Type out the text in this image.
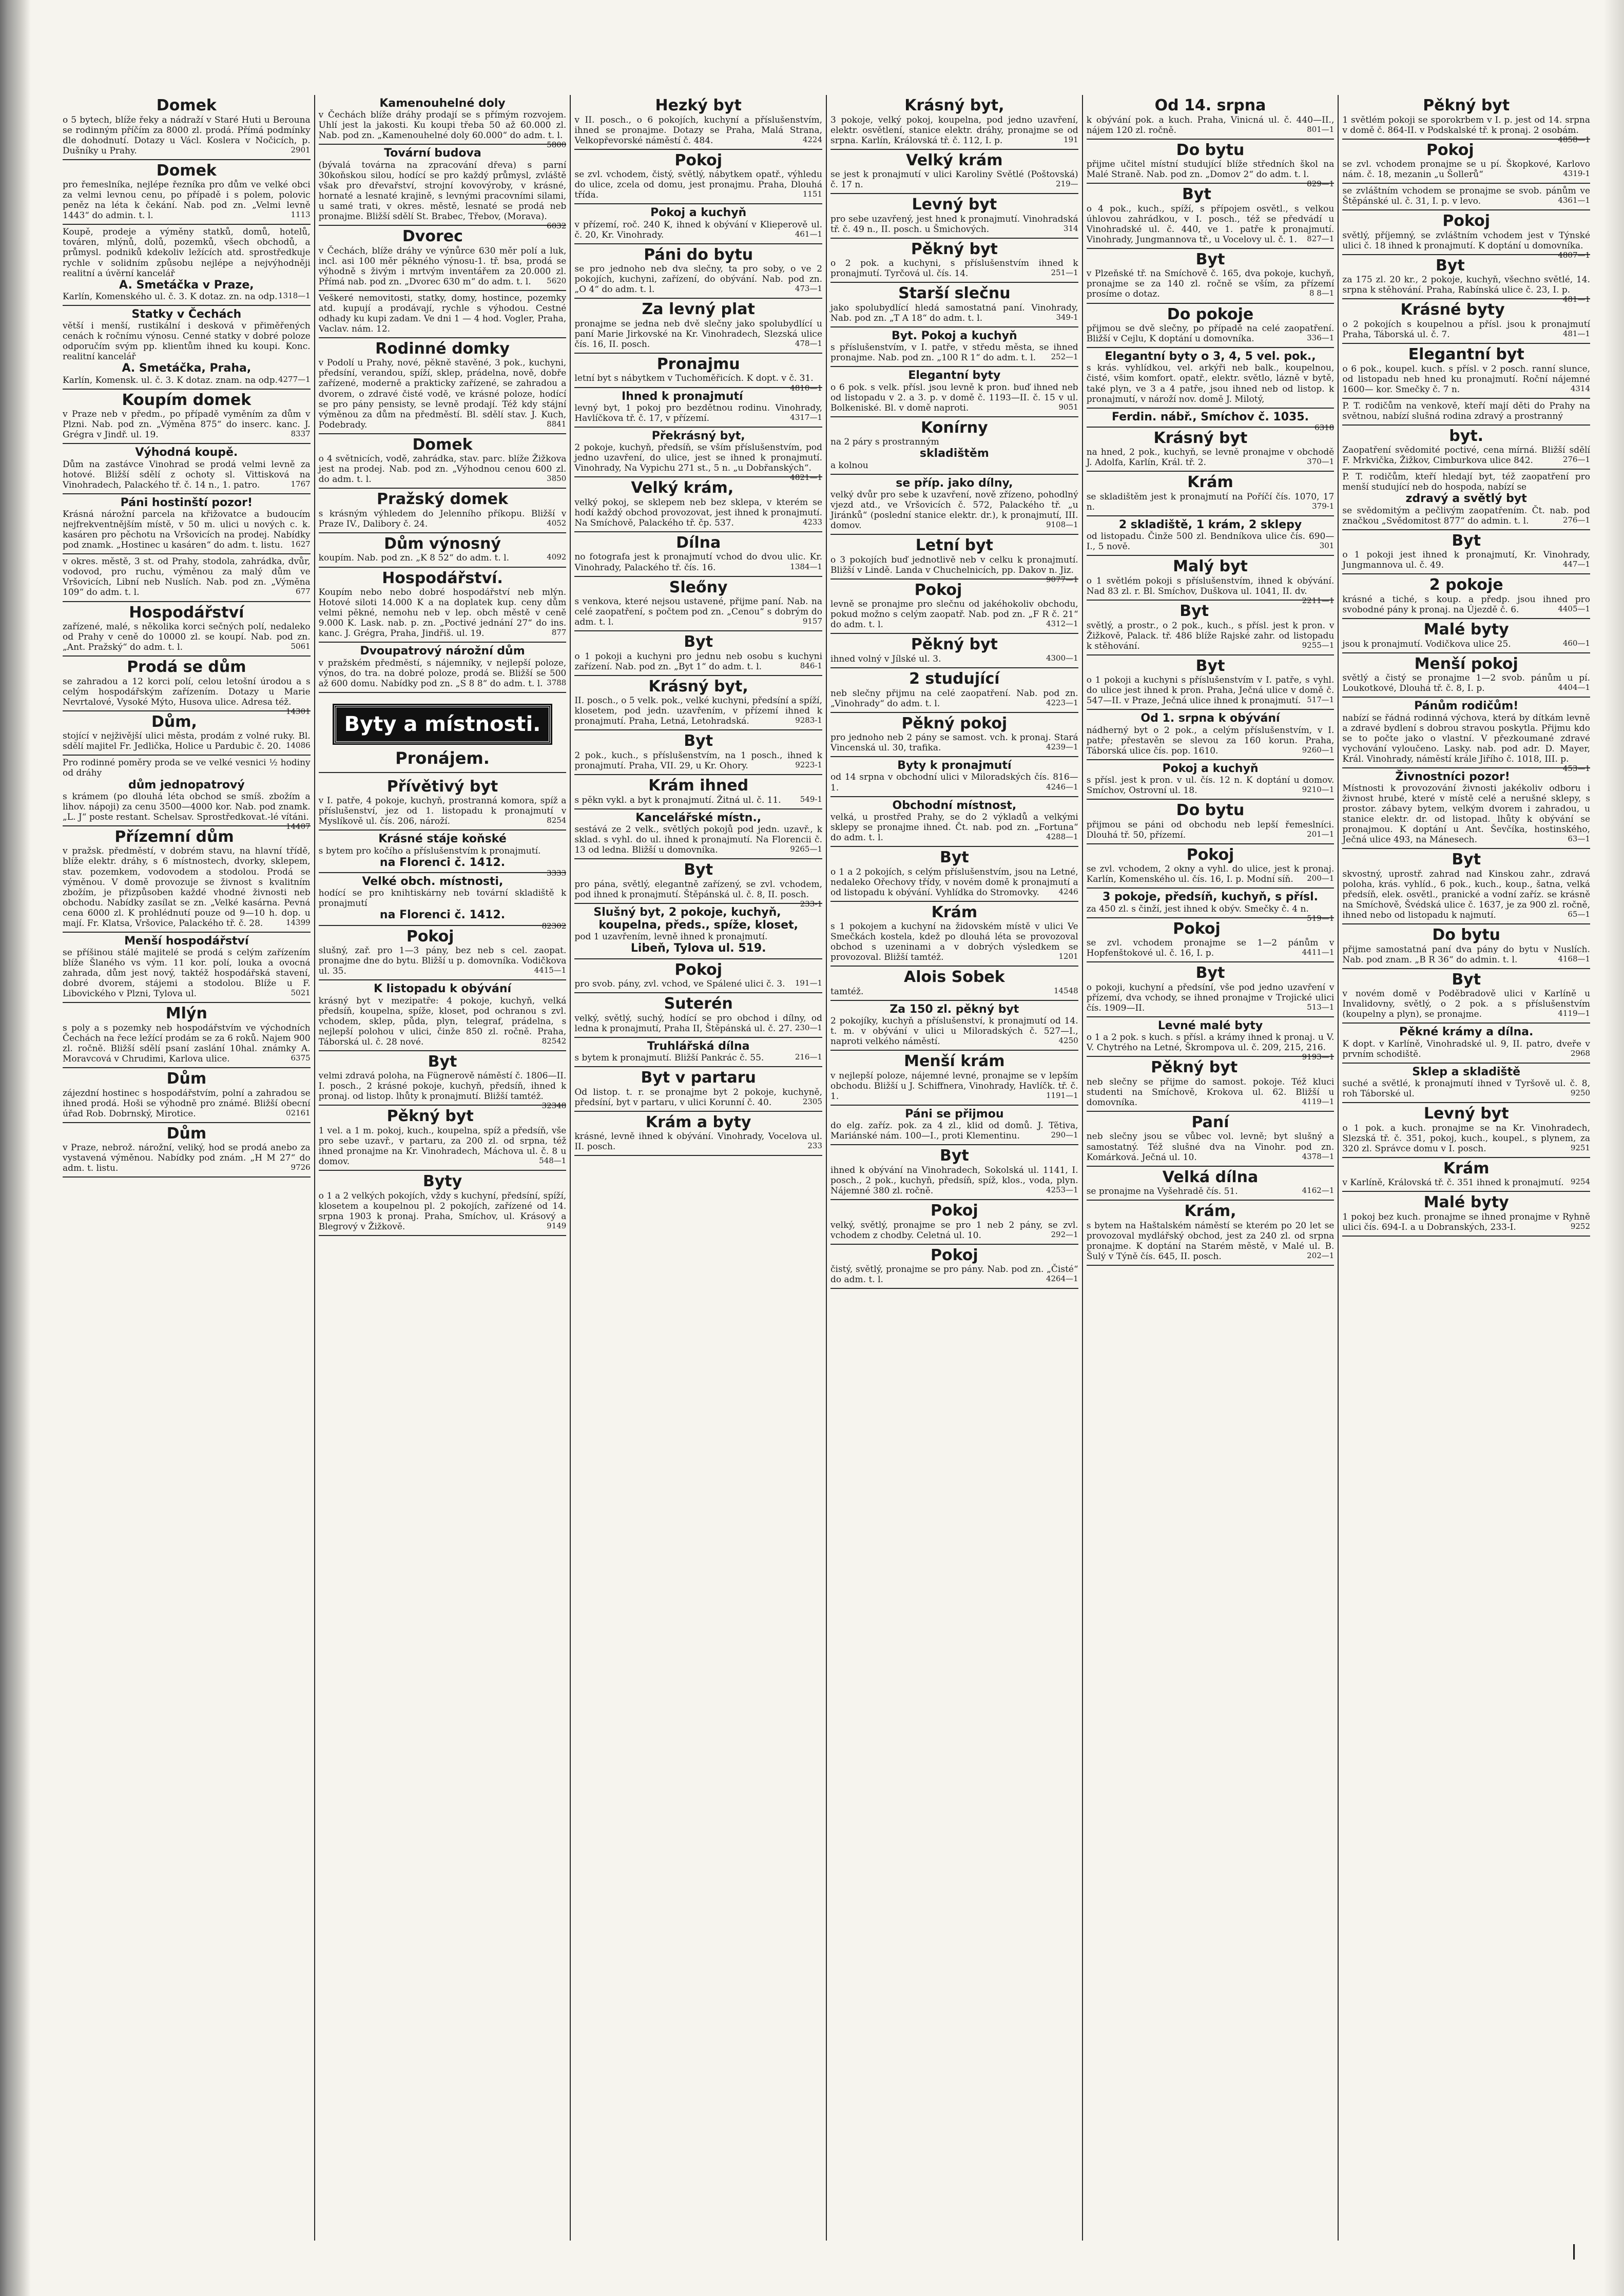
Domek
o 5 bytech, blíže řeky a nádraží v Staré Huti u Berouna se rodinným příčím za 8000 zl. prodá. Přímá podmínky dle dohodnutí. Dotazy u Václ. Koslera v Nočicích, p. Dušníky u Prahy.	2901
Domek
pro řemeslníka, nejlépe řezníka pro dům ve velké obci za velmi levnou cenu, po případě i s polem, polovic peněz na léta k čekání. Nab. pod zn. „Velmi levně 1443“ do admin. t. l.	1113
Koupě, prodeje a výměny statků, domů, hotelů, továren, mlýnů, dolů, pozemků, všech obchodů, a průmysl. podniků kdekoliv ležících atd. sprostředkuje rychle v solidním způsobu nejlépe a nejvýhodněji realitní a úvěrní kancelář
A. Smetáčka v Praze,
Karlín, Komenského ul. č. 3. K dotaz. zn. na odp. 1318—1
Statky v Čechách
větší i menší, rustikální i desková v přiměřených cenách k ročnímu výnosu. Cenné statky v dobré poloze odporučím svým pp. klientům ihned ku koupi. Konc. realitní kancelář
A. Smetáčka, Praha,
Karlín, Komensk. ul. č. 3. K dotaz. znam. na odp. 4277—1
Koupím domek
v Praze neb v předm., po případě vyměním za dům v Plzni. Nab. pod zn. „Výměna 875“ do inserc. kanc. J. Grégra v Jindř. ul. 19.	8337
Výhodná koupě.
Dům na zastávce Vinohrad se prodá velmi levně za hotové. Bližší sdělí z ochoty sl. Vittisková na Vinohradech, Palackého tř. č. 14 n., 1. patro.	1767
Páni hostinští pozor!
Krásná nárožní parcela na křižovatce a budoucím nejfrekventnějším místě, v 50 m. ulici u nových c. k. kasáren pro pěchotu na Vršovicích na prodej. Nabídky pod znamk. „Hostinec u kasáren“ do adm. t. listu. 1627
v okres. městě, 3 st. od Prahy, stodola, zahrádka, dvůr, vodovod, pro ruchu, výměnou za malý dům ve Vršovicích, Libní neb Nuslích. Nab. pod zn. „Výměna 109“ do adm. t. l.	677
Hospodářství
zařízené, malé, s několika korci sečných polí, nedaleko od Prahy v ceně do 10000 zl. se koupí. Nab. pod zn. „Ant. Pražský“ do adm. t. l.	5061
Prodá se dům
se zahradou a 12 korci polí, celou letošní úrodou a s celým hospodářským zařízením. Dotazy u Marie Nevrtalové, Vysoké Mýto, Husova ulice. Adresa též.
14301
Dům,
stojící v nejživější ulici města, prodám z volné ruky. Bl. sdělí majitel Fr. Jedlička, Holice u Pardubic č. 20. 14086
Pro rodinné poměry proda se ve velké vesnici ½ hodiny od dráhy
dům jednopatrový
s krámem (po dlouhá léta obchod se smíš. zbožím a lihov. nápoji) za cenu 3500—4000 kor. Nab. pod znamk. „L. J“ poste restant. Schelsav. Sprostředkovat.-lé vítáni.
14407
Přízemní dům
v pražsk. předměstí, v dobrém stavu, na hlavní třídě, blíže elektr. dráhy, s 6 místnostech, dvorky, sklepem, stav. pozemkem, vodovodem a stodolou. Prodá se výměnou. V domě provozuje se živnost s kvalitním zbožím, je přizpůsoben každé vhodné živnosti neb obchodu. Nabídky zasílat se zn. „Velké kasárna. Pevná cena 6000 zl. K prohlédnutí pouze od 9—10 h. dop. u mají. Fr. Klatsa, Vršovice, Palackého tř. č. 28.	14399
Menší hospodářství
se příšinou stálé majitelé se prodá s celým zařízením blíže Šlaného vs vým. 11 kor. polí, louka a ovocná zahrada, dům jest nový, taktéž hospodářská stavení, dobré dvorem, stájemi a stodolou. Blíže u F. Libovického v Plzni, Tylova ul.	5021
Mlýn
s poly a s pozemky neb hospodářstvím ve východních Čechách na řece ležící prodám se za 6 roků. Najem 900 zl. ročně. Bližší sdělí psaní zaslání 10hal. známky A. Moravcová v Chrudimi, Karlova ulice.	6375
Dům
zájezdní hostinec s hospodářstvím, polní a zahradou se ihned prodá. Hoši se výhodně pro známé. Bližší obecní úřad Rob. Dobrnský, Mirotice.	02161
Dům
v Praze, nebrož. nárožní, veliký, hod se prodá anebo za vystavená výměnou. Nabídky pod znám. „H M 27“ do adm. t. listu.	9726
Kamenouhelné doly
v Čechách blíže dráhy prodají se s přímým rozvojem. Uhlí jest la jakosti. Ku koupi třeba 50 až 60.000 zl. Nab. pod zn. „Kamenouhelné doly 60.000“ do adm. t. l.
5800
Tovární budova
(bývalá továrna na zpracování dřeva) s parní 30koňskou silou, hodící se pro každý průmysl, zvláště však pro dřevařství, strojní kovovýroby, v krásné, hornaté a lesnaté krajině, s levnými pracovními silami, u samé trati, v okres. městě, lesnaté se prodá neb pronajme. Bližší sdělí St. Brabec, Třebov, (Morava).
6032
Dvorec
v Čechách, blíže dráhy ve výnůrce 630 měr polí a luk, incl. asi 100 měr pěkného výnosu-1. tř. bsa, prodá se výhodně s živým i mrtvým inventářem za 20.000 zl. Přímá nab. pod zn. „Dvorec 630 m“ do adm. t. l. 5620
Veškeré nemovitosti, statky, domy, hostince, pozemky atd. kupují a prodávají, rychle s výhodou. Cestné odhady ku kupi zadam. Ve dni 1 — 4 hod. Vogler, Praha, Vaclav. nám. 12.
Rodinné domky
v Podolí u Prahy, nové, pěkně stavěné, 3 pok., kuchyni, předsíní, verandou, spíží, sklep, prádelna, nově, dobře zařízené, moderně a prakticky zařízené, se zahradou a dvorem, o zdravé čisté vodě, ve krásné poloze, hodící se pro pány pensisty, se levně prodají. Též kdy stájní výměnou za dům na předměstí. Bl. sdělí stav. J. Kuch, Podebrady.	8841
Domek
o 4 světnicích, vodě, zahrádka, stav. parc. blíže Žižkova jest na prodej. Nab. pod zn. „Výhodnou cenou 600 zl. do adm. t. l.	3850
Pražský domek
s krásným výhledem do Jelenního příkopu. Bližší v Praze IV., Dalibory č. 24.	4052
Dům výnosný
koupím. Nab. pod zn. „K 8 52“ do adm. t. l.	4092
Hospodářství.
Koupím nebo nebo dobré hospodářství neb mlýn. Hotové siloti 14.000 K a na doplatek kup. ceny dům velmi pěkné, nemohu neb v lep. obch městě v ceně 9.000 K. Lask. nab. p. zn. „Poctivé jednání 27“ do ins. kanc. J. Grégra, Praha, Jindřiš. ul. 19.	877
Dvoupatrový nárožní dům
v pražském předměstí, s nájemníky, v nejlepší poloze, výnos, do tra. na dobré poloze, prodá se. Bližší se 500 až 600 domu. Nabídky pod zn. „S 8 8“ do adm. t. l. 3788
Byty a místnosti.
Pronájem.
Přívětivý byt
v I. patře, 4 pokoje, kuchyň, prostranná komora, spíž a příslušenství, jez od 1. listopadu k pronajmutí v Myslíkově ul. čís. 206, nároží.	8254
Krásné stáje koňské
s bytem pro kočího a příslušenstvím k pronajmutí.
na Florenci č. 1412.
3333
Velké obch. místnosti,
hodící se pro knihtiskárny neb tovární skladiště k pronajmutí
na Florenci č. 1412.
82302
Pokoj
slušný, zař. pro 1—3 pány, bez neb s cel. zaopat. pronajme dne do bytu. Bližší u p. domovníka. Vodičkova ul. 35.	4415—1
K listopadu k obývání
krásný byt v mezipatře: 4 pokoje, kuchyň, velká předsíň, koupelna, spíže, kloset, pod ochranou s zvl. vchodem, sklep, půda, plyn, telegraf, prádelna, s nejlepší polohou v ulici, činže 850 zl. ročně. Praha, Táborská ul. č. 28 nové.	82542
Byt
velmi zdravá poloha, na Fügnerově náměstí č. 1806—II. I. posch., 2 krásné pokoje, kuchyň, předsíň, ihned k pronaj. od listop. lhůty k pronajmutí. Bližší tamtéž.
32348
Pěkný byt
1 vel. a 1 m. pokoj, kuch., koupelna, spíž a předsíň, vše pro sebe uzavř., v partaru, za 200 zl. od srpna, též ihned pronajme na Kr. Vinohradech, Máchova ul. č. 8 u domov.	548—1
Byty
o 1 a 2 velkých pokojích, vždy s kuchyní, předsíní, spíží, klosetem a koupelnou pl. 2 pokojích, zařízené od 14. srpna 1903 k pronaj. Praha, Smíchov, ul. Krásový a Blegrový v Žižkově.	9149
Hezký byt
v II. posch., o 6 pokojích, kuchyní a příslušenstvím, ihned se pronajme. Dotazy se Praha, Malá Strana, Velkopřevorské náměstí č. 484.	4224
Pokoj
se zvl. vchodem, čistý, světlý, nábytkem opatř., výhledu do ulice, zcela od domu, jest pronajmu. Praha, Dlouhá třída.	1151
Pokoj a kuchyň
v přízemí, roč. 240 K, ihned k obývání v Klieperově ul. č. 20, Kr. Vinohrady.	461—1
Páni do bytu
se pro jednoho neb dva slečny, ta pro soby, o ve 2 pokojích, kuchyni, zařízení, do obývání. Nab. pod zn. „O 4“ do adm. t. l.	473—1
Za levný plat
pronajme se jedna neb dvě slečny jako spolubydlící u paní Marie Jirkovské na Kr. Vinohradech, Slezská ulice čís. 16, II. posch.	478—1
Pronajmu
letní byt s nábytkem v Tuchoměřicích. K dopt. v č. 31.
4810—1
Ihned k pronajmutí
levný byt, 1 pokoj pro bezdětnou rodinu. Vinohrady, Havlíčkova tř. č. 17, v přízemí.	4317—1
Překrásný byt,
2 pokoje, kuchyň, předsíň, se vším příslušenstvím, pod jedno uzavření, do ulice, jest se ihned k pronajmutí. Vinohrady, Na Vypichu 271 st., 5 n. „u Dobřanských“.
4821—1
Velký krám,
velký pokoj, se sklepem neb bez sklepa, v kterém se hodí každý obchod provozovat, jest ihned k pronajmutí. Na Smíchově, Palackého tř. čp. 537.	4233
Dílna
no fotografa jest k pronajmutí vchod do dvou ulic. Kr. Vinohrady, Palackého tř. čís. 16.	1384—1
Sleőny
s venkova, které nejsou ustavené, přijme paní. Nab. na celé zaopatření, s počtem pod zn. „Cenou“ s dobrým do adm. t. l.	9157
Byt
o 1 pokoji a kuchyni pro jednu neb osobu s kuchyni zařízení. Nab. pod zn. „Byt 1“ do adm. t. l.	846-1
Krásný byt,
II. posch., o 5 velk. pok., velké kuchyni, předsíní a spíží, klosetem, pod jedn. uzavřením, v přízemí ihned k pronajmutí. Praha, Letná, Letohradská.	9283-1
Byt
2 pok., kuch., s příslušenstvím, na 1 posch., ihned k pronajmutí. Praha, VII. 29, u Kr. Ohory.	9223-1
Krám ihned
s pěkn vykl. a byt k pronajmutí. Žitná ul. č. 11. 549-1
Kancelářské místn.,
sestává ze 2 velk., světlých pokojů pod jedn. uzavř., k sklad. s vyhl. do ul. ihned k pronajmutí. Na Florencii č. 13 od ledna. Bližší u domovníka.	9265—1
Byt
pro pána, světlý, elegantně zařízený, se zvl. vchodem, pod ihned k pronajmutí. Štěpánská ul. č. 8, II. posch.
233-1
Slušný byt, 2 pokoje, kuchyň, koupelna, předs., spíže, kloset,
pod 1 uzavřením, levně ihned k pronajmutí.
Libeň, Tylova ul. 519.
Pokoj
pro svob. pány, zvl. vchod, ve Spálené ulici č. 3. 191—1
Suterén
velký, světlý, suchý, hodící se pro obchod i dílny, od ledna k pronajmutí, Praha II, Štěpánská ul. č. 27. 230—1
Truhlářská dílna
s bytem k pronajmutí. Bližší Pankrác č. 55.	216—1
Byt v partaru
Od listop. t. r. se pronajme byt 2 pokoje, kuchyně, předsíní, byt v partaru, v ulici Korunní č. 40.	2305
Krám a byty
krásné, levně ihned k obývání. Vinohrady, Vocelova ul. II. posch.	233
Krásný byt,
3 pokoje, velký pokoj, koupelna, pod jedno uzavření, elektr. osvětlení, stanice elektr. dráhy, pronajme se od srpna. Karlín, Královská tř. č. 112, I. p.	191
Velký krám
se jest k pronajmutí v ulici Karoliny Světlé (Poštovská) č. 17 n.	219—
Levný byt
pro sebe uzavřený, jest hned k pronajmutí. Vinohradská tř. č. 49 n., II. posch. u Šmichových.	314
Pěkný byt
o 2 pok. a kuchyni, s příslušenstvím ihned k pronajmutí. Tyrčová ul. čís. 14.	251—1
Starší slečnu
jako spolubydlící hledá samostatná paní. Vinohrady, Nab. pod zn. „T A 18“ do adm. t. l.	349-1
Byt. Pokoj a kuchyň
s příslušenstvím, v I. patře, v středu města, se ihned pronajme. Nab. pod zn. „100 R 1“ do adm. t. l. 252—1
Elegantní byty
o 6 pok. s velk. přísl. jsou levně k pron. buď ihned neb od listopadu v 2. a 3. p. v domě č. 1193—II. č. 15 v ul. Bolkeniské. Bl. v domě naproti.	9051
Konírny
na 2 páry s prostranným
skladištěm
a kolnou
se příp. jako dílny,
velký dvůr pro sebe k uzavření, nově zřízeno, pohodlný vjezd atd., ve Vršovicích č. 572, Palackého tř. „u Jiránků“ (poslední stanice elektr. dr.), k pronajmutí, III. domov.	9108—1
Letní byt
o 3 pokojích buď jednotlivě neb v celku k pronajmutí. Bližší v Lindě. Landa v Chuchelnicích, pp. Dakov n. Jiz.
9077—1
Pokoj
levně se pronajme pro slečnu od jakéhokoliv obchodu, pokud možno s celým zaopatř. Nab. pod zn. „F R č. 21“ do adm. t. l.	4312—1
Pěkný byt
ihned volný v Jílské ul. 3.	4300—1
2 studující
neb slečny přijmu na celé zaopatření. Nab. pod zn. „Vinohrady“ do adm. t. l.	4223—1
Pěkný pokoj
pro jednoho neb 2 pány se samost. vch. k pronaj. Stará Vincenská ul. 30, trafika.	4239—1
Byty k pronajmutí
od 14 srpna v obchodní ulici v Miloradských čís. 816—1.	4246—1
Obchodní místnost,
velká, u prostřed Prahy, se do 2 výkladů a velkými sklepy se pronajme ihned. Čt. nab. pod zn. „Fortuna“ do adm. t. l.	4288—1
Byt
o 1 a 2 pokojích, s celým příslušenstvím, jsou na Letné, nedaleko Ořechovy třídy, v novém domě k pronajmutí a od listopadu k obývání. Vyhlídka do Stromovky.	4246
Krám
s 1 pokojem a kuchyní na židovském místě v ulici Ve Smečkách kostela, kdež po dlouhá léta se provozoval obchod s uzeninami a v dobrých výsledkem se provozoval. Bližší tamtéž.	1201
Alois Sobek
tamtéž.	14548
Za 150 zl. pěkný byt
2 pokojíky, kuchyň a příslušenství, k pronajmutí od 14. t. m. v obývání v ulici u Miloradských č. 527—I., naproti velkého náměstí.	4250
Menší krám
v nejlepší poloze, nájemné levné, pronajme se v lepším obchodu. Bližší u J. Schiffnera, Vinohrady, Havlíčk. tř. č. 1.	1191—1
Páni se přijmou
do elg. zaříz. pok. za 4 zl., klid od domů. J. Tětiva, Mariánské nám. 100—I., proti Klementinu.	290—1
Byt
ihned k obývání na Vinohradech, Sokolská ul. 1141, I. posch., 2 pok., kuchyň, předsíň, spíž, klos., voda, plyn. Nájemné 380 zl. ročně.	4253—1
Pokoj
velký, světlý, pronajme se pro 1 neb 2 pány, se zvl. vchodem z chodby. Celetná ul. 10.	292—1
Pokoj
čistý, světlý, pronajme se pro pány. Nab. pod zn. „Čisté“ do adm. t. l.	4264—1
Od 14. srpna
k obývání pok. a kuch. Praha, Vinicná ul. č. 440—II., nájem 120 zl. ročně.	801—1
Do bytu
přijme učitel místní studující blíže středních škol na Malé Straně. Nab. pod zn. „Domov 2“ do adm. t. l.
829—1
Byt
o 4 pok., kuch., spíží, s přípojem osvětl., s velkou úhlovou zahrádkou, v I. posch., též se předvádí u Vinohradské ul. č. 440, ve 1. patře k pronajmutí. Vinohrady, Jungmannova tř., u Vocelovy ul. č. 1. 827—1
Byt
v Plzeňské tř. na Smíchově č. 165, dva pokoje, kuchyň, pronajme se za 140 zl. ročně se vším, za přízemí prosíme o dotaz.	8 8—1
Do pokoje
přijmou se dvě slečny, po případě na celé zaopatření. Bližší v Cejlu, K doptání u domovníka.	336—1
Elegantní byty o 3, 4, 5 vel. pok.,
s krás. vyhlídkou, vel. arkýři neb balk., koupelnou, čisté, všim komfort. opatř., elektr. světlo, lázně v bytě, také plyn, ve 3 a 4 patře, jsou ihned neb od listop. k pronajmutí, v nároží nov. domě J. Milotý,
Ferdin. nábř., Smíchov č. 1035.
6318
Krásný byt
na hned, 2 pok., kuchyň, se levně pronajme v obchodě J. Adolfa, Karlín, Král. tř. 2.	370—1
Krám
se skladištěm jest k pronajmutí na Poříčí čís. 1070, 17 n.	379-1
2 skladiště, 1 krám, 2 sklepy
od listopadu. Činže 500 zl. Bendníkova ulice čís. 690—I., 5 nově.	301
Malý byt
o 1 světlém pokoji s příslušenstvím, ihned k obývání. Nad 83 zl. r. Bl. Smíchov, Duškova ul. 1041, II. dv.
2211—1
Byt
světlý, a prostr., o 2 pok., kuch., s přísl. jest k pron. v Žižkově, Palack. tř. 486 blíže Rajské zahr. od listopadu k stěhování.	9255—1
Byt
o 1 pokoji a kuchyni s příslušenstvím v I. patře, s vyhl. do ulice jest ihned k pron. Praha, Ječná ulice v domě č. 547—II. v Praze, Ječná ulice ihned k pronajmutí. 517—1
Od 1. srpna k obývání
nádherný byt o 2 pok., a celým příslušenstvím, v I. patře; přestavěn se slevou za 160 korun. Praha, Táborská ulice čís. pop. 1610.	9260—1
Pokoj a kuchyň
s přísl. jest k pron. v ul. čís. 12 n. K doptání u domov. Smíchov, Ostrovní ul. 18.	9210—1
Do bytu
přijmou se páni od obchodu neb lepší řemeslníci. Dlouhá tř. 50, přízemí.	201—1
Pokoj
se zvl. vchodem, 2 okny a vyhl. do ulice, jest k pronaj. Karlín, Komenského ul. čís. 16, I. p. Modní síň. 200—1
3 pokoje, předsíň, kuchyň, s přísl.
za 450 zl. s činží, jest ihned k obýv. Smečky č. 4 n.
519—1
Pokoj
se zvl. vchodem pronajme se 1—2 pánům v Hopfenštokové ul. č. 16, I. p.	4411—1
Byt
o pokoji, kuchyní a předsíní, vše pod jedno uzavření v přízemí, dva vchody, se ihned pronajme v Trojické ulici čís. 1909—II.	513—1
Levné malé byty
o 1 a 2 pok. s kuch. s přísl. a krámy ihned k pronaj. u V. V. Chytrého na Letné, Škrompova ul. č. 209, 215, 216.
9193—1
Pěkný byt
neb slečny se přijme do samost. pokoje. Též kluci studenti na Smíchově, Krokova ul. 62. Bližší u domovníka.	4119—1
Paní
neb slečny jsou se vůbec vol. levně; byt slušný a samostatný. Též slušné dva na Vinohr. pod zn. Komárková. Ječná ul. 10.	4378—1
Velká dílna
se pronajme na Vyšehradě čís. 51.	4162—1
Krám,
s bytem na Haštalském náměstí se kterém po 20 let se provozoval mydlářský obchod, jest za 240 zl. od srpna pronajme. K doptání na Starém městě, v Malé ul. B. Šulý v Týně čís. 645, II. posch.	202—1
Pěkný byt
1 světlém pokoji se sporokrbem v I. p. jest od 14. srpna v domě č. 864-II. v Podskalské tř. k pronaj. 2 osobám.
4858—1
Pokoj
se zvl. vchodem pronajme se u pí. Škopkové, Karlovo nám. č. 18, mezanin „u Šollerů“	4319-1
se zvláštním vchodem se pronajme se svob. pánům ve Štěpánské ul. č. 31, I. p. v levo.	4361—1
Pokoj
světlý, příjemný, se zvláštním vchodem jest v Týnské ulici č. 18 ihned k pronajmutí. K doptání u domovníka.
4807—1
Byt
za 175 zl. 20 kr., 2 pokoje, kuchyň, všechno světlé, 14. srpna k stěhování. Praha, Rabínská ulice č. 23, I. p.
481—1
Krásné byty
o 2 pokojích s koupelnou a přísl. jsou k pronajmutí Praha, Táborská ul. č. 7.	481—1
Elegantní byt
o 6 pok., koupel. kuch. s přísl. v 2 posch. ranní slunce, od listopadu neb hned ku pronajmutí. Roční nájemné 1600— kor. Smečky č. 7 n.	4314
P. T. rodičům na venkově, kteří mají děti do Prahy na světnou, nabízí slušná rodina zdravý a prostranný
byt.
Zaopatření svědomité poctivé, cena mírná. Bližší sdělí F. Mrkvička, Žižkov, Cimburkova ulice 842.	276—1
P. T. rodičům, kteří hledají byt, též zaopatření pro menší studující neb do hospoda, nabízí se
zdravý a světlý byt
se svědomitým a pečlivým zaopatřením. Čt. nab. pod značkou „Svědomitost 877“ do admin. t. l.	276—1
Byt
o 1 pokoji jest ihned k pronajmutí, Kr. Vinohrady, Jungmannova ul. č. 49.	447—1
2 pokoje
krásné a tiché, s koup. a předp. jsou ihned pro svobodné pány k pronaj. na Újezdě č. 6.	4405—1
Malé byty
jsou k pronajmutí. Vodičkova ulice 25.	460—1
Menší pokoj
světlý a čistý se pronajme 1—2 svob. pánům u pí. Loukotkové, Dlouhá tř. č. 8, I. p.	4404—1
Pánům rodičům!
nabízí se řádná rodinná výchova, která by dítkám levně a zdravé bydlení s dobrou stravou poskytla. Přijmu kdo se to počte jako o vlastní. V přezkoumané zdravé vychování vyloučeno. Lasky. nab. pod adr. D. Mayer, Král. Vinohrady, náměstí krále Jiřího č. 1018, III. p.
453—1
Živnostníci pozor!
Místnosti k provozování živnosti jakékoliv odboru i živnost hrubé, které v místě celé a nerušné sklepy, s prostor. zábavy bytem, velkým dvorem i zahradou, u stanice elektr. dr. od listopad. lhůty k obývání se pronajmou. K doptání u Ant. Ševčíka, hostinského, Ječná ulice 493, na Mánesech.	63—1
Byt
skvostný, uprostř. zahrad nad Kinskou zahr., zdravá poloha, krás. vyhlíd., 6 pok., kuch., koup., šatna, velká předsíň, elek. osvětl., pranické a vodní zaříz. se krásně na Smíchově, Švédská ulice č. 1637, je za 900 zl. ročně, ihned nebo od listopadu k najmutí.	65—1
Do bytu
přijme samostatná paní dva pány do bytu v Nuslích. Nab. pod znam. „B R 36“ do admin. t. l.	4168—1
Byt
v novém domě v Poděbradově ulici v Karlíně u Invalidovny, světlý, o 2 pok. a s příslušenstvím (koupelny a plyn), se pronajme.	4119—1
Pěkné krámy a dílna.
K dopt. v Karlíně, Vinohradské ul. 9, II. patro, dveře v prvním schodiště.	2968
Sklep a skladiště
suché a světlé, k pronajmutí ihned v Tyršově ul. č. 8, roh Táborské ul.	9250
Levný byt
o 1 pok. a kuch. pronajme se na Kr. Vinohradech, Slezská tř. č. 351, pokoj, kuch., koupel., s plynem, za 320 zl. Správce domu v I. posch.	9251
Krám
v Karlíně, Královská tř. č. 351 ihned k pronajmutí. 9254
Malé byty
1 pokoj bez kuch. pronajme se ihned pronajme v Ryhně ulici čís. 694-I. a u Dobranských, 233-I.	9252
|
